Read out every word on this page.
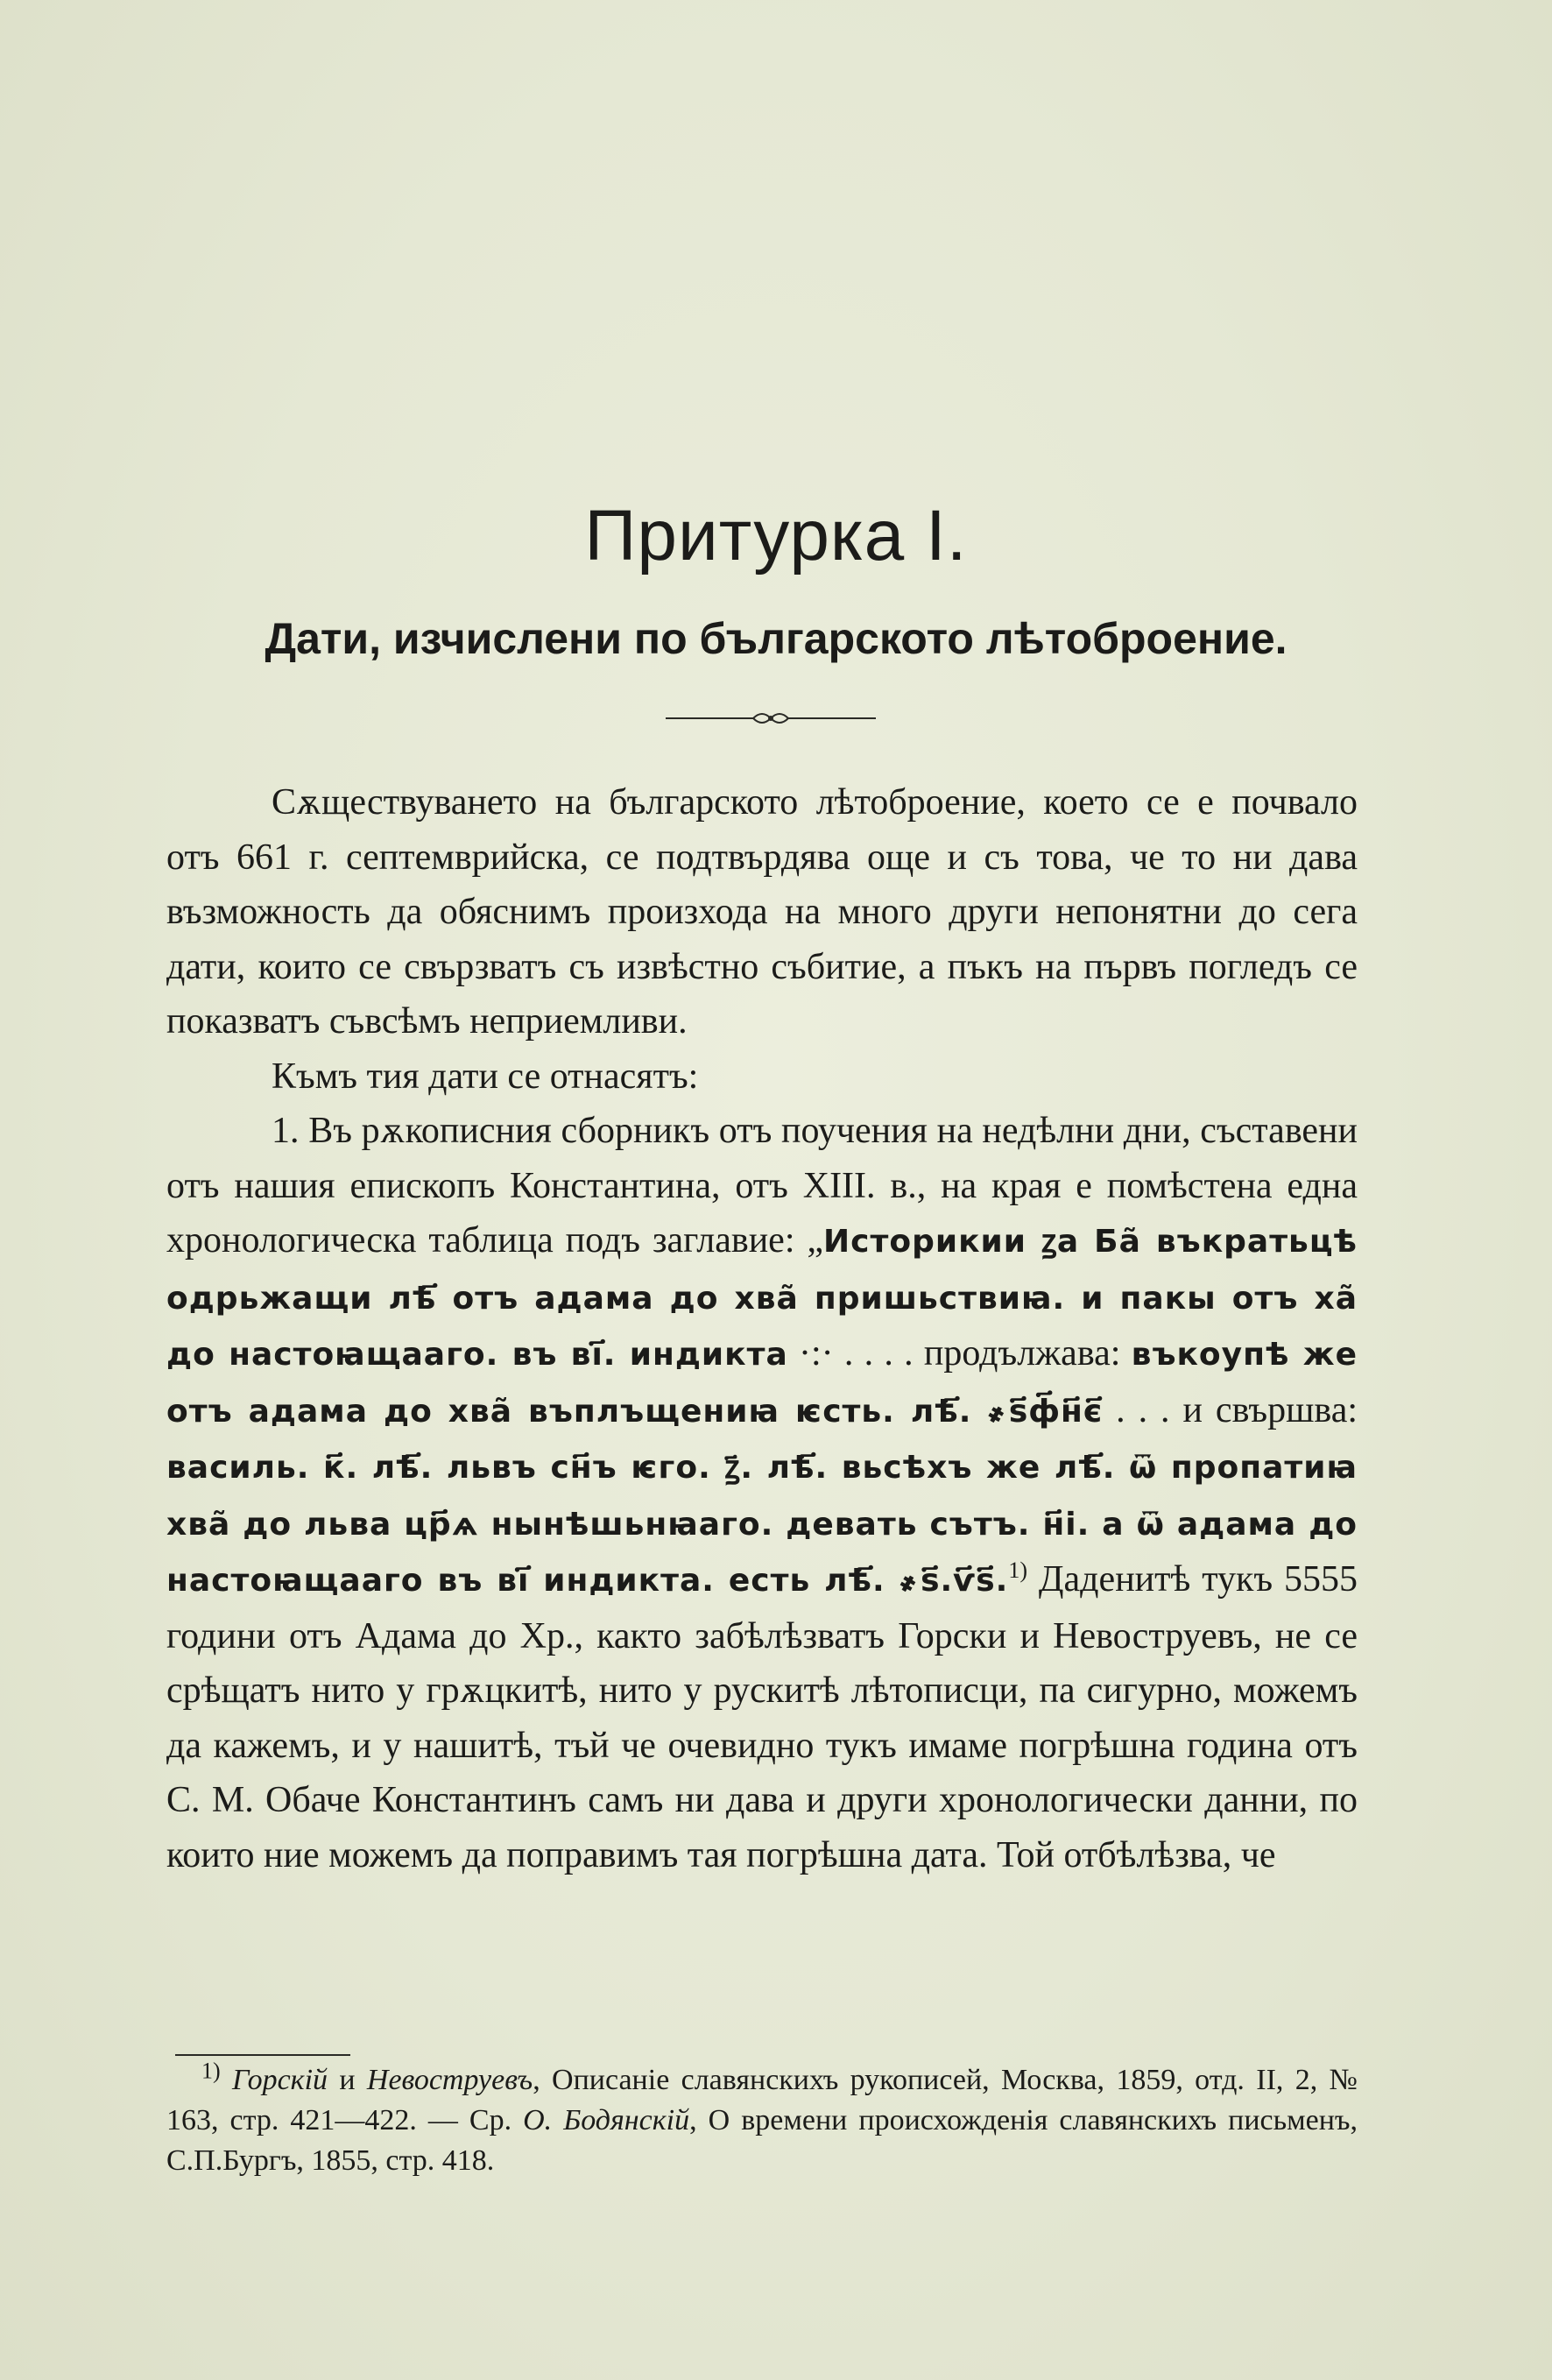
Притурка I.
Дати, изчислени по българското лѣтоброение.

Сѫществуването на българското лѣтоброение, което се е почвало отъ 661 г. септемврийска, се подтвърдява още и съ това, че то ни дава възможность да обяснимъ произхода на много други непонятни до сега дати, които се свързватъ съ извѣстно събитие, а пъкъ на първъ погледъ се показватъ съвсѣмъ неприемливи.

Къмъ тия дати се отнасятъ:

1. Въ рѫкописния сборникъ отъ поучения на недѣлни дни, съставени отъ нашия епископъ Константина, отъ XIII. в., на края е помѣстена една хронологическа таблица подъ заглавие: „Историкии ꙁа Ба̃ въкратьцѣ одрьжащи лѣ҃ отъ адама до хва̃ пришьствиꙗ. и пакы отъ ха̃ до настоꙗщааго. въ ві҃. индикта ·:· . . . . продължава: въкоупѣ же отъ адама до хва̃ въплъщениꙗ ѥсть. лѣ҃. ҂ѕ҃ф҃н҃є҃ . . . и свършва: василь. к҃. лѣ҃. львъ сн҃ъ ѥго. ꙁ҃. лѣ҃. вьсѣхъ же лѣ҃. ѿ пропатиꙗ хва̃ до льва цр҃ѧ нынѣшьнꙗаго. девать сътъ. н҃і. а ѿ адама до настоꙗщааго въ ві҃ индикта. есть лѣ҃. ҂ѕ҃.ѵ҃ѕ҃.$^{1)}$ Даденитѣ тукъ 5555 години отъ Адама до Хр., както забѣлѣзватъ Горски и Невоструевъ, не се срѣщатъ нито у грѫцкитѣ, нито у рускитѣ лѣтописци, па сигурно, можемъ да кажемъ, и у нашитѣ, тъй че очевидно тукъ имаме погрѣшна година отъ С. М. Обаче Константинъ самъ ни дава и други хронологически данни, по които ние можемъ да поправимъ тая погрѣшна дата. Той отбѣлѣзва, че

$^{1)}$ Горскій и Невоструевъ, Описаніе славянскихъ рукописей, Москва, 1859, отд. II, 2, № 163, стр. 421—422. — Ср. О. Бодянскій, О времени происхожденія славянскихъ письменъ, С.П.Бургъ, 1855, стр. 418.
